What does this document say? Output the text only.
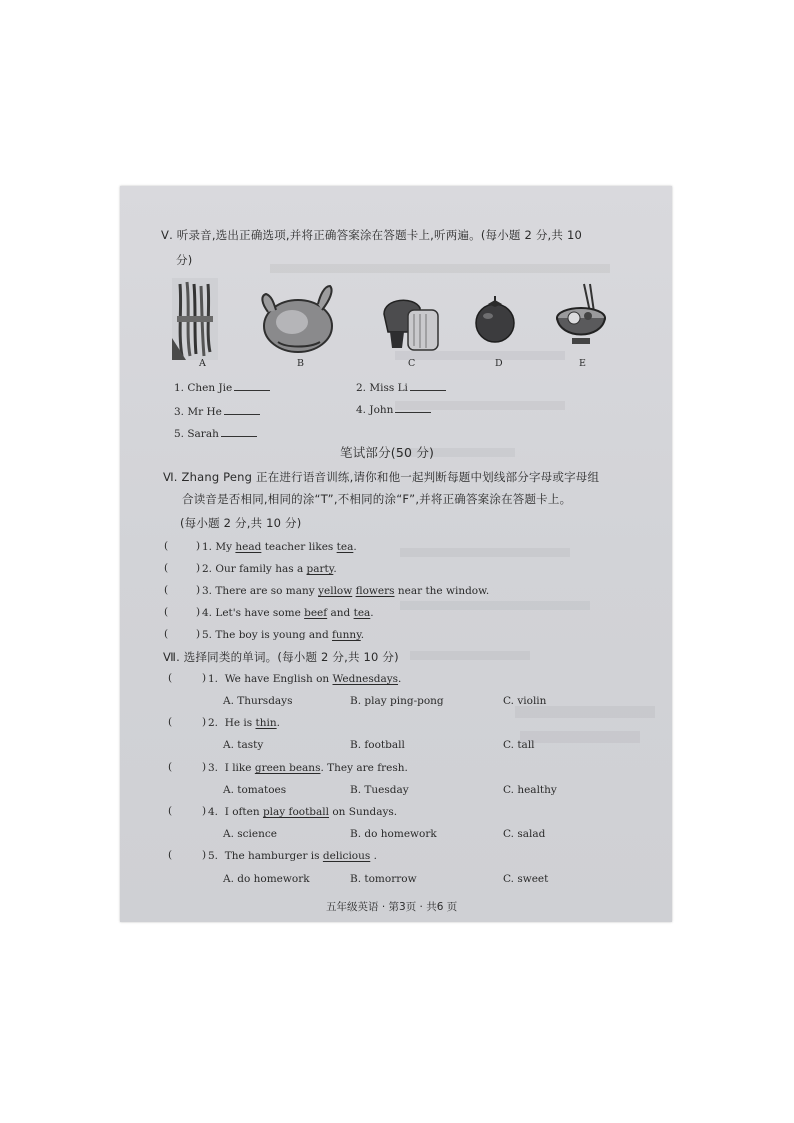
Ⅴ. 听录音,选出正确选项,并将正确答案涂在答题卡上,听两遍。(每小题 2 分,共 10
分)
A	B	C	D	E
1. Chen Jie	2. Miss Li
3. Mr He	4. John
5. Sarah
笔试部分(50 分)
Ⅵ. Zhang Peng 正在进行语音训练,请你和他一起判断每题中划线部分字母或字母组
合读音是否相同,相同的涂“T”,不相同的涂“F”,并将正确答案涂在答题卡上。
(每小题 2 分,共 10 分)
(	) 1. My head teacher likes tea.
(	) 2. Our family has a party.
(	) 3. There are so many yellow flowers near the window.
(	) 4. Let's have some beef and tea.
(	) 5. The boy is young and funny.
Ⅶ. 选择同类的单词。(每小题 2 分,共 10 分)
(	) 1. We have English on Wednesdays.
A. Thursdays	B. play ping-pong	C. violin
(	) 2. He is thin.
A. tasty	B. football	C. tall
(	) 3. I like green beans. They are fresh.
A. tomatoes	B. Tuesday	C. healthy
(	) 4. I often play football on Sundays.
A. science	B. do homework	C. salad
(	) 5. The hamburger is delicious .
A. do homework	B. tomorrow	C. sweet
五年级英语 · 第3页 · 共6 页
